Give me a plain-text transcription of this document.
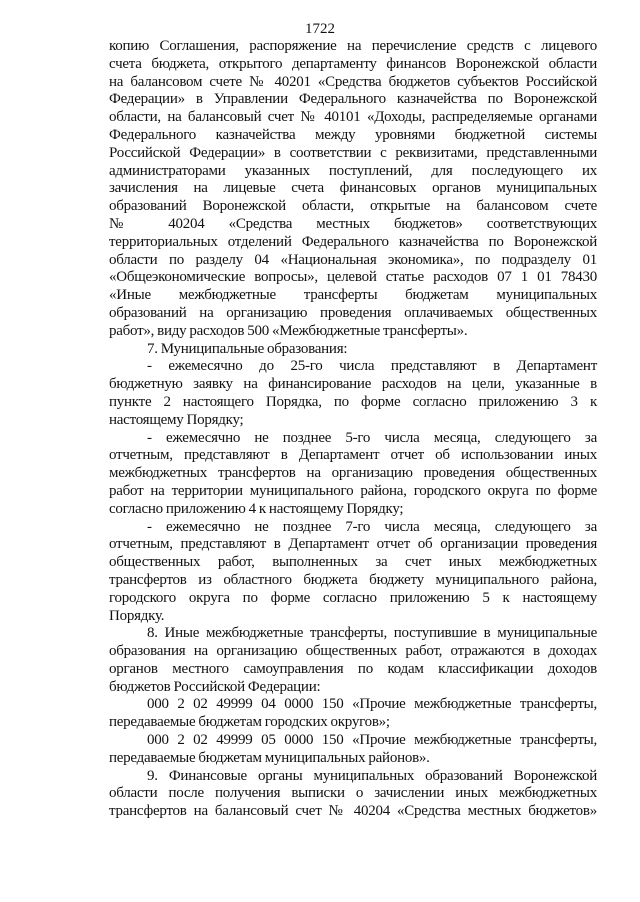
1722
копию Соглашения, распоряжение на перечисление средств с лицевого
счета бюджета, открытого департаменту финансов Воронежской области
на балансовом счете № 40201 «Средства бюджетов субъектов Российской
Федерации» в Управлении Федерального казначейства по Воронежской
области, на балансовый счет № 40101 «Доходы, распределяемые органами
Федерального казначейства между уровнями бюджетной системы
Российской Федерации» в соответствии с реквизитами, представленными
администраторами указанных поступлений, для последующего их
зачисления на лицевые счета финансовых органов муниципальных
образований Воронежской области, открытые на балансовом счете
№ 40204 «Средства местных бюджетов» соответствующих
территориальных отделений Федерального казначейства по Воронежской
области по разделу 04 «Национальная экономика», по подразделу 01
«Общеэкономические вопросы», целевой статье расходов 07 1 01 78430
«Иные межбюджетные трансферты бюджетам муниципальных
образований на организацию проведения оплачиваемых общественных
работ», виду расходов 500 «Межбюджетные трансферты».
7. Муниципальные образования:
- ежемесячно до 25-го числа представляют в Департамент
бюджетную заявку на финансирование расходов на цели, указанные в
пункте 2 настоящего Порядка, по форме согласно приложению 3 к
настоящему Порядку;
- ежемесячно не позднее 5-го числа месяца, следующего за
отчетным, представляют в Департамент отчет об использовании иных
межбюджетных трансфертов на организацию проведения общественных
работ на территории муниципального района, городского округа по форме
согласно приложению 4 к настоящему Порядку;
- ежемесячно не позднее 7-го числа месяца, следующего за
отчетным, представляют в Департамент отчет об организации проведения
общественных работ, выполненных за счет иных межбюджетных
трансфертов из областного бюджета бюджету муниципального района,
городского округа по форме согласно приложению 5 к настоящему
Порядку.
8. Иные межбюджетные трансферты, поступившие в муниципальные
образования на организацию общественных работ, отражаются в доходах
органов местного самоуправления по кодам классификации доходов
бюджетов Российской Федерации:
000 2 02 49999 04 0000 150 «Прочие межбюджетные трансферты,
передаваемые бюджетам городских округов»;
000 2 02 49999 05 0000 150 «Прочие межбюджетные трансферты,
передаваемые бюджетам муниципальных районов».
9. Финансовые органы муниципальных образований Воронежской
области после получения выписки о зачислении иных межбюджетных
трансфертов на балансовый счет № 40204 «Средства местных бюджетов»
